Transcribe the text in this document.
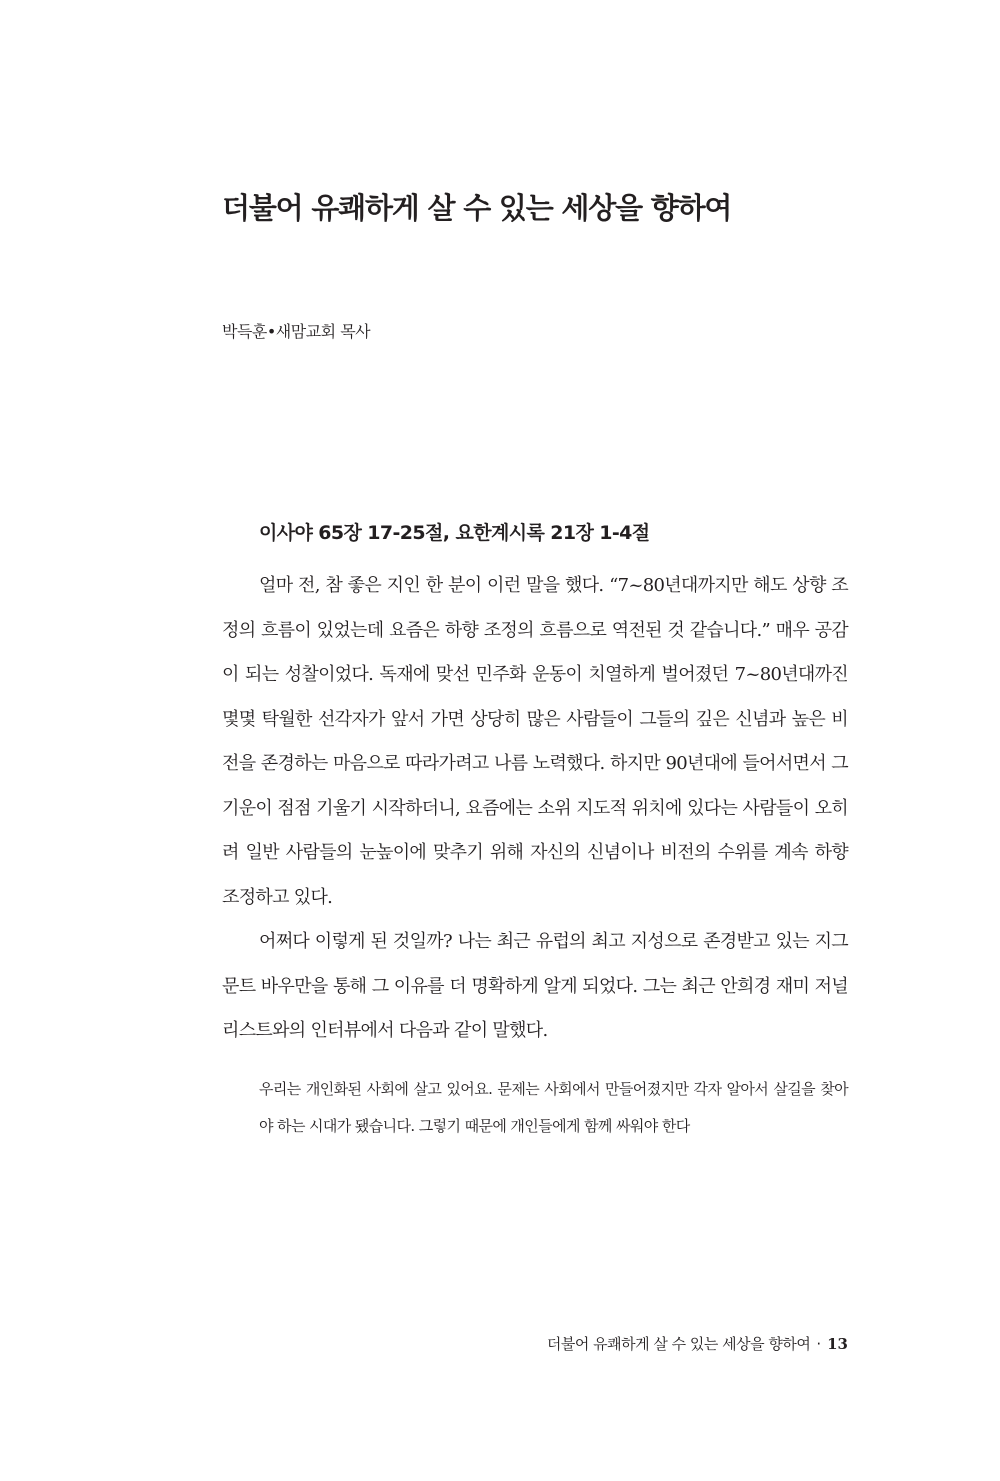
더불어 유쾌하게 살 수 있는 세상을 향하여
박득훈•새맘교회 목사
이사야 65장 17-25절, 요한계시록 21장 1-4절

얼마 전, 참 좋은 지인 한 분이 이런 말을 했다. “7~80년대까지만 해도 상향 조정의 흐름이 있었는데 요즘은 하향 조정의 흐름으로 역전된 것 같습니다.” 매우 공감이 되는 성찰이었다. 독재에 맞선 민주화 운동이 치열하게 벌어졌던 7~80년대까진 몇몇 탁월한 선각자가 앞서 가면 상당히 많은 사람들이 그들의 깊은 신념과 높은 비전을 존경하는 마음으로 따라가려고 나름 노력했다. 하지만 90년대에 들어서면서 그 기운이 점점 기울기 시작하더니, 요즘에는 소위 지도적 위치에 있다는 사람들이 오히려 일반 사람들의 눈높이에 맞추기 위해 자신의 신념이나 비전의 수위를 계속 하향 조정하고 있다.

어쩌다 이렇게 된 것일까? 나는 최근 유럽의 최고 지성으로 존경받고 있는 지그문트 바우만을 통해 그 이유를 더 명확하게 알게 되었다. 그는 최근 안희경 재미 저널리스트와의 인터뷰에서 다음과 같이 말했다.

우리는 개인화된 사회에 살고 있어요. 문제는 사회에서 만들어졌지만 각자 알아서 살길을 찾아야 하는 시대가 됐습니다. 그렇기 때문에 개인들에게 함께 싸워야 한다

더불어 유쾌하게 살 수 있는 세상을 향하여 · 13
